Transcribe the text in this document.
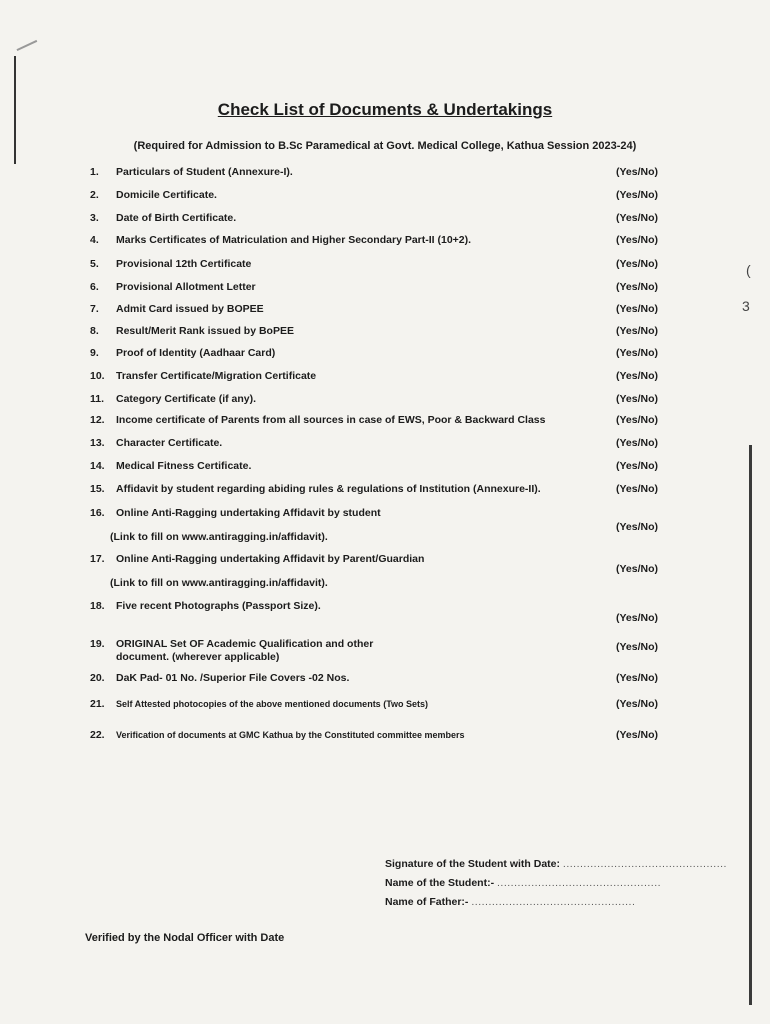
(
3
Check List of Documents & Undertakings
(Required for Admission to B.Sc Paramedical at Govt. Medical College, Kathua Session 2023-24)
1.	Particulars of Student (Annexure-I).	(Yes/No)
2.	Domicile Certificate.	(Yes/No)
3.	Date of Birth Certificate.	(Yes/No)
4.	Marks Certificates of Matriculation and Higher Secondary Part-II (10+2).	(Yes/No)
5.	Provisional 12th Certificate	(Yes/No)
6.	Provisional Allotment Letter	(Yes/No)
7.	Admit Card issued by BOPEE	(Yes/No)
8.	Result/Merit Rank issued by BoPEE	(Yes/No)
9.	Proof of Identity (Aadhaar Card)	(Yes/No)
10.	Transfer Certificate/Migration Certificate	(Yes/No)
11.	Category Certificate (if any).	(Yes/No)
12.	Income certificate of Parents from all sources in case of EWS, Poor & Backward Class	(Yes/No)
13.	Character Certificate.	(Yes/No)
14.	Medical Fitness Certificate.	(Yes/No)
15.	Affidavit by student regarding abiding rules & regulations of Institution (Annexure-II).	(Yes/No)
16.	Online Anti-Ragging undertaking Affidavit by student
(Link to fill on www.antiragging.in/affidavit).
(Yes/No)
17.	Online Anti-Ragging undertaking Affidavit by Parent/Guardian
(Link to fill on www.antiragging.in/affidavit).
(Yes/No)
18.	Five recent Photographs (Passport Size).
(Yes/No)
19.	ORIGINAL Set OF Academic Qualification and other
document. (wherever applicable)
(Yes/No)
20.	DaK Pad- 01 No. /Superior File Covers -02 Nos.	(Yes/No)
21.	Self Attested photocopies of the above mentioned documents (Two Sets)	(Yes/No)
22.	Verification of documents at GMC Kathua by the Constituted committee members	(Yes/No)
Signature of the Student with Date: ................................................
Name of the Student:- ................................................
Name of Father:- ................................................
Verified by the Nodal Officer with Date
